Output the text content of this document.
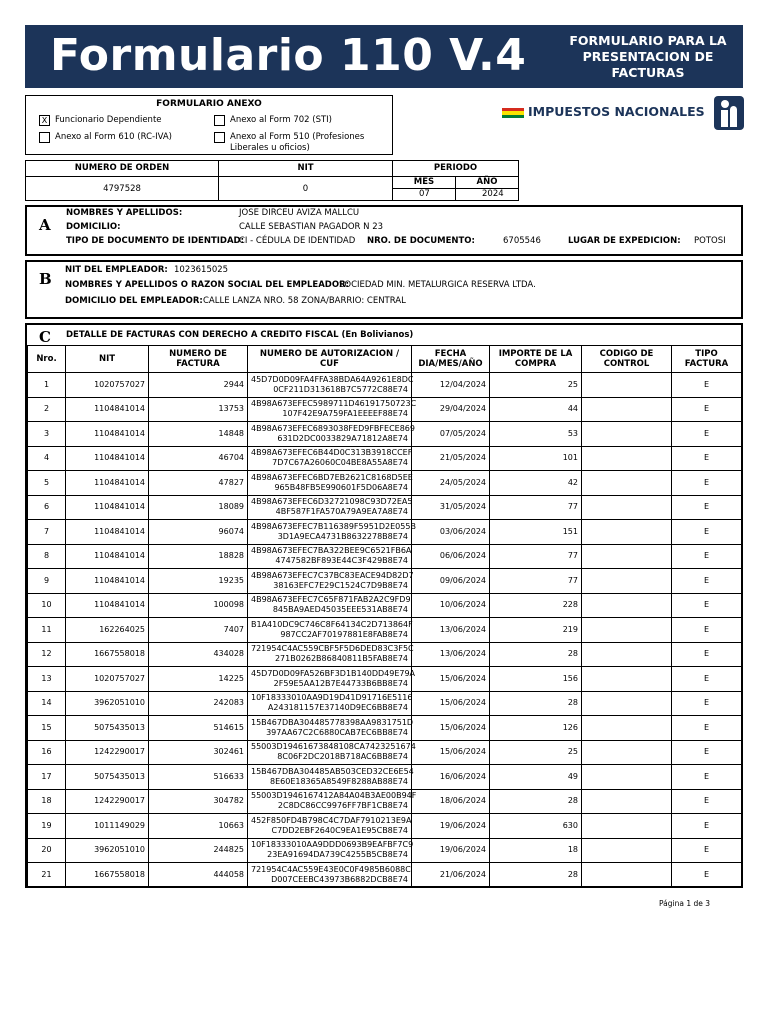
Formulario 110 V.4	FORMULARIO PARA LA
PRESENTACION DE
FACTURAS
FORMULARIO ANEXO
X Funcionario Dependiente	Anexo al Form 702 (STI)
Anexo al Form 610 (RC-IVA)	Anexo al Form 510 (Profesiones Liberales u oficios)
IMPUESTOS NACIONALES
NUMERO DE ORDEN
4797528
NIT
0
PERIODO
MES	AÑO
07	2024
A
NOMBRES Y APELLIDOS:	JOSE DIRCEU AVIZA MALLCU
DOMICILIO:	CALLE SEBASTIAN PAGADOR N 23
TIPO DE DOCUMENTO DE IDENTIDAD:
CI - CÉDULA DE IDENTIDAD NRO. DE DOCUMENTO:	6705546	LUGAR DE EXPEDICION: POTOSI
B NIT DEL EMPLEADOR: 1023615025
NOMBRES Y APELLIDOS O RAZON SOCIAL DEL EMPLEADOR:
SOCIEDAD MIN. METALURGICA RESERVA LTDA.
DOMICILIO DEL EMPLEADOR: CALLE LANZA NRO. 58 ZONA/BARRIO: CENTRAL
C DETALLE DE FACTURAS CON DERECHO A CREDITO FISCAL (En Bolivianos)
Nro.	NIT	NUMERO DE FACTURA	NUMERO DE AUTORIZACION / CUF	FECHA DIA/MES/AÑO	IMPORTE DE LA COMPRA	CODIGO DE CONTROL	TIPO FACTURA
1	1020757027	2944	45D7D0D09FA4FFA38BDA64A9261E8DC
0CF211D313618B7C5772C88E74	12/04/2024	25		E
2	1104841014	13753	4B98A673EFEC5989711D46191750723C
107F42E9A759FA1EEEEF88E74	29/04/2024	44		E
3	1104841014	14848	4B98A673EFEC6893038FED9FBFECE869
631D2DC0033829A71812A8E74	07/05/2024	53		E
4	1104841014	46704	4B98A673EFEC6B44D0C313B3918CCEF
7D7C67A26060C04BE8A55A8E74	21/05/2024	101		E
5	1104841014	47827	4B98A673EFEC6BD7EB2621C8168D5EE
965B48FB5E990601F5D06A8E74	24/05/2024	42		E
6	1104841014	18089	4B98A673EFEC6D32721098C93D72EA5
4BF587F1FA570A79A9EA7A8E74	31/05/2024	77		E
7	1104841014	96074	4B98A673EFEC7B116389F5951D2E055B
3D1A9ECA4731B8632278B8E74	03/06/2024	151		E
8	1104841014	18828	4B98A673EFEC7BA322BEE9C6521FB6A
4747582BF893E44C3F429B8E74	06/06/2024	77		E
9	1104841014	19235	4B98A673EFEC7C37BC83EACE94D82D7
38163EFC7E29C1524C7D9B8E74	09/06/2024	77		E
10	1104841014	100098	4B98A673EFEC7C65F871FAB2A2C9FD9
845BA9AED45035EEE531AB8E74	10/06/2024	228		E
11	162264025	7407	B1A410DC9C746C8F64134C2D713864F
987CC2AF70197881E8FAB8E74	13/06/2024	219		E
12	1667558018	434028	721954C4AC559CBF5F5D6DED83C3F5C
271B0262B86840811B5FAB8E74	13/06/2024	28		E
13	1020757027	14225	45D7D0D09FA526BF3D1B140DD49E79A
2F59E5AA12B7E44733B6BB8E74	15/06/2024	156		E
14	3962051010	242083	10F18333010AA9D19D41D91716E5116
A243181157E37140D9EC6BB8E74	15/06/2024	28		E
15	5075435013	514615	15B467DBA304485778398AA9831751D
397AA67C2C6880CAB7EC6BB8E74	15/06/2024	126		E
16	1242290017	302461	55003D19461673848108CA7423251674
8C06F2DC2018B718AC6BB8E74	15/06/2024	25		E
17	5075435013	516633	15B467DBA304485AB503CED32CE6E54
8E60E18365A8549F8288AB88E74	16/06/2024	49		E
18	1242290017	304782	55003D1946167412A84A04B3AE00B94F
2C8DC86CC9976FF7BF1CB8E74	18/06/2024	28		E
19	1011149029	10663	452F850FD4B798C4C7DAF7910213E9A
C7DD2EBF2640C9EA1E95CB8E74	19/06/2024	630		E
20	3962051010	244825	10F18333010AA9DDD0693B9EAFBF7C9
23EA91694DA739C4255B5CB8E74	19/06/2024	18		E
21	1667558018	444058	721954C4AC559E43E0C0F4985B6088C
D007CEEBC43973B6882DCB8E74	21/06/2024	28		E
Página 1 de 3
